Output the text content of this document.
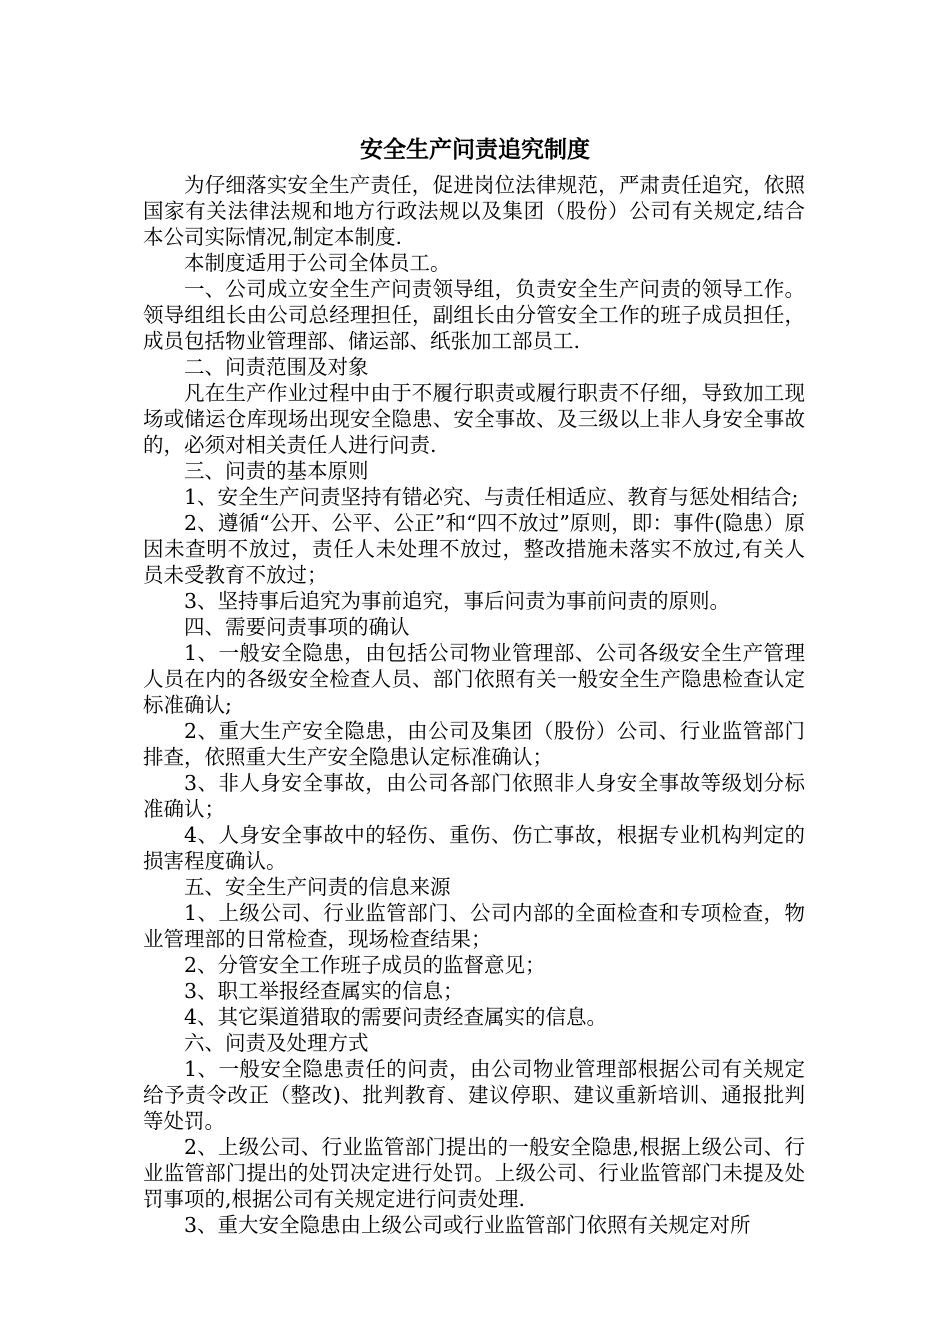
安全生产问责追究制度

为仔细落实安全生产责任，促进岗位法律规范，严肃责任追究，依照国家有关法律法规和地方行政法规以及集团（股份）公司有关规定,结合本公司实际情况,制定本制度.

本制度适用于公司全体员工。

一、公司成立安全生产问责领导组，负责安全生产问责的领导工作。领导组组长由公司总经理担任，副组长由分管安全工作的班子成员担任，成员包括物业管理部、储运部、纸张加工部员工.

二、问责范围及对象

凡在生产作业过程中由于不履行职责或履行职责不仔细，导致加工现场或储运仓库现场出现安全隐患、安全事故、及三级以上非人身安全事故的，必须对相关责任人进行问责.

三、问责的基本原则

1、安全生产问责坚持有错必究、与责任相适应、教育与惩处相结合;

2、遵循“公开、公平、公正”和“四不放过”原则，即：事件(隐患）原因未查明不放过，责任人未处理不放过，整改措施未落实不放过,有关人员未受教育不放过；

3、坚持事后追究为事前追究，事后问责为事前问责的原则。

四、需要问责事项的确认

1、一般安全隐患，由包括公司物业管理部、公司各级安全生产管理人员在内的各级安全检查人员、部门依照有关一般安全生产隐患检查认定标准确认;

2、重大生产安全隐患，由公司及集团（股份）公司、行业监管部门排查，依照重大生产安全隐患认定标准确认；

3、非人身安全事故，由公司各部门依照非人身安全事故等级划分标准确认；

4、人身安全事故中的轻伤、重伤、伤亡事故，根据专业机构判定的损害程度确认。

五、安全生产问责的信息来源

1、上级公司、行业监管部门、公司内部的全面检查和专项检查，物业管理部的日常检查，现场检查结果；

2、分管安全工作班子成员的监督意见；

3、职工举报经查属实的信息；

4、其它渠道猎取的需要问责经查属实的信息。

六、问责及处理方式

1、一般安全隐患责任的问责，由公司物业管理部根据公司有关规定给予责令改正（整改)、批判教育、建议停职、建议重新培训、通报批判等处罚。

2、上级公司、行业监管部门提出的一般安全隐患,根据上级公司、行业监管部门提出的处罚决定进行处罚。上级公司、行业监管部门未提及处罚事项的,根据公司有关规定进行问责处理.

3、重大安全隐患由上级公司或行业监管部门依照有关规定对所
